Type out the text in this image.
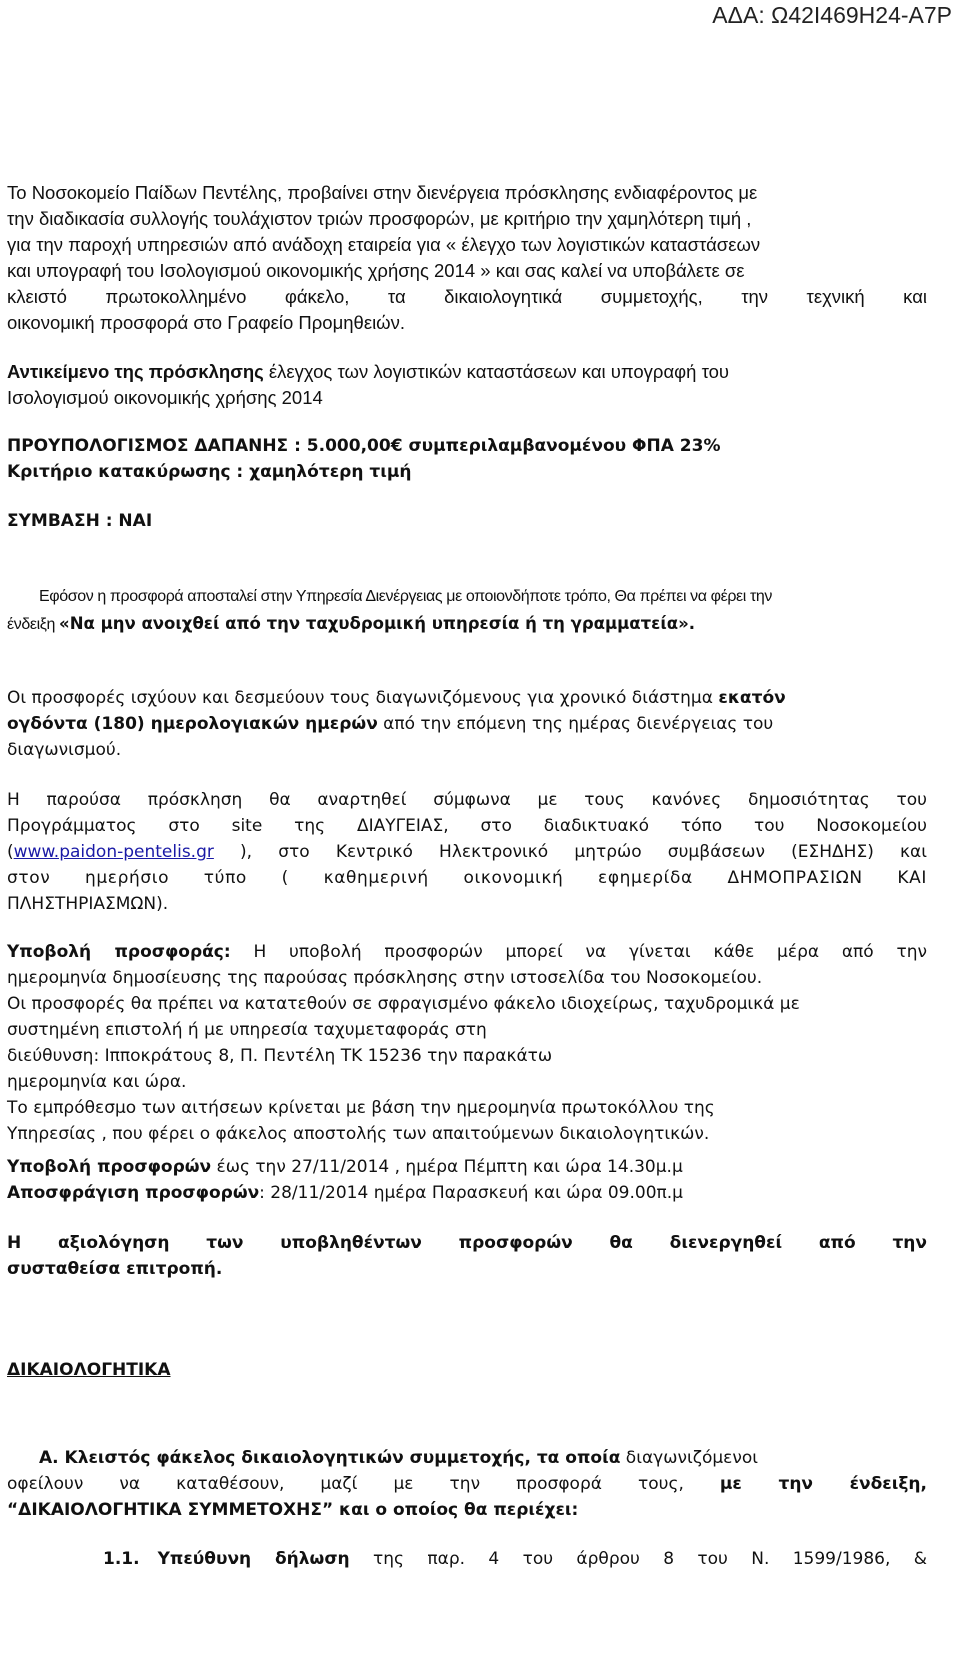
ΑΔΑ: Ω42Ι469Η24-Α7Ρ
Το Νοσοκομείο Παίδων Πεντέλης, προβαίνει στην διενέργεια πρόσκλησης ενδιαφέροντος με
την διαδικασία συλλογής τουλάχιστον τριών προσφορών, με κριτήριο την χαμηλότερη τιμή ,
για την παροχή υπηρεσιών από ανάδοχη εταιρεία για « έλεγχο των λογιστικών καταστάσεων
και υπογραφή του Ισολογισμού οικονομικής χρήσης 2014 » και σας καλεί να υποβάλετε σε
κλειστό πρωτοκολλημένο φάκελο, τα δικαιολογητικά συμμετοχής, την τεχνική και
οικονομική προσφορά στο Γραφείο Προμηθειών.
Αντικείμενο της πρόσκλησης έλεγχος των λογιστικών καταστάσεων και υπογραφή του
Ισολογισμού οικονομικής χρήσης 2014
ΠΡΟΥΠΟΛΟΓΙΣΜΟΣ ΔΑΠΑΝΗΣ : 5.000,00€ συμπεριλαμβανομένου ΦΠΑ 23%
Κριτήριο κατακύρωσης : χαμηλότερη τιμή
ΣΥΜΒΑΣΗ : ΝΑΙ
Εφόσον η προσφορά αποσταλεί στην Υπηρεσία Διενέργειας με οποιονδήποτε τρόπο, Θα πρέπει να φέρει την
ένδειξη «Να μην ανοιχθεί από την ταχυδρομική υπηρεσία ή τη γραμματεία».
Οι προσφορές ισχύουν και δεσμεύουν τους διαγωνιζόμενους για χρονικό διάστημα εκατόν
ογδόντα (180) ημερολογιακών ημερών από την επόμενη της ημέρας διενέργειας του
διαγωνισμού.
Η παρούσα πρόσκληση θα αναρτηθεί σύμφωνα με τους κανόνες δημοσιότητας του
Προγράμματος στο site της ΔΙΑΥΓΕΙΑΣ, στο διαδικτυακό τόπο του Νοσοκομείου
(www.paidon-pentelis.gr ), στο Κεντρικό Ηλεκτρονικό μητρώο συμβάσεων (ΕΣΗΔΗΣ) και
στον ημερήσιο τύπο ( καθημερινή οικονομική εφημερίδα ΔΗΜΟΠΡΑΣΙΩΝ ΚΑΙ
ΠΛΗΣΤΗΡΙΑΣΜΩΝ).
Υποβολή προσφοράς: Η υποβολή προσφορών μπορεί να γίνεται κάθε μέρα από την
ημερομηνία δημοσίευσης της παρούσας πρόσκλησης στην ιστοσελίδα του Νοσοκομείου.
Οι προσφορές θα πρέπει να κατατεθούν σε σφραγισμένο φάκελο ιδιοχείρως, ταχυδρομικά με
συστημένη επιστολή ή με υπηρεσία ταχυμεταφοράς στη
διεύθυνση: Ιπποκράτους 8, Π. Πεντέλη ΤΚ 15236 την παρακάτω
ημερομηνία και ώρα.
Το εμπρόθεσμο των αιτήσεων κρίνεται με βάση την ημερομηνία πρωτοκόλλου της
Υπηρεσίας , που φέρει ο φάκελος αποστολής των απαιτούμενων δικαιολογητικών.
Υποβολή προσφορών έως την 27/11/2014 , ημέρα Πέμπτη και ώρα 14.30μ.μ
Αποσφράγιση προσφορών: 28/11/2014 ημέρα Παρασκευή και ώρα 09.00π.μ
Η αξιολόγηση των υποβληθέντων προσφορών θα διενεργηθεί από την
συσταθείσα επιτροπή.
ΔΙΚΑΙΟΛΟΓΗΤΙΚΑ
Α. Κλειστός φάκελος δικαιολογητικών συμμετοχής, τα οποία διαγωνιζόμενοι
οφείλουν να καταθέσουν, μαζί με την προσφορά τους, με την ένδειξη,
“ΔΙΚΑΙΟΛΟΓΗΤΙΚΑ ΣΥΜΜΕΤΟΧΗΣ” και ο οποίος θα περιέχει:
1.1. Υπεύθυνη δήλωση της παρ. 4 του άρθρου 8 του Ν. 1599/1986, &
